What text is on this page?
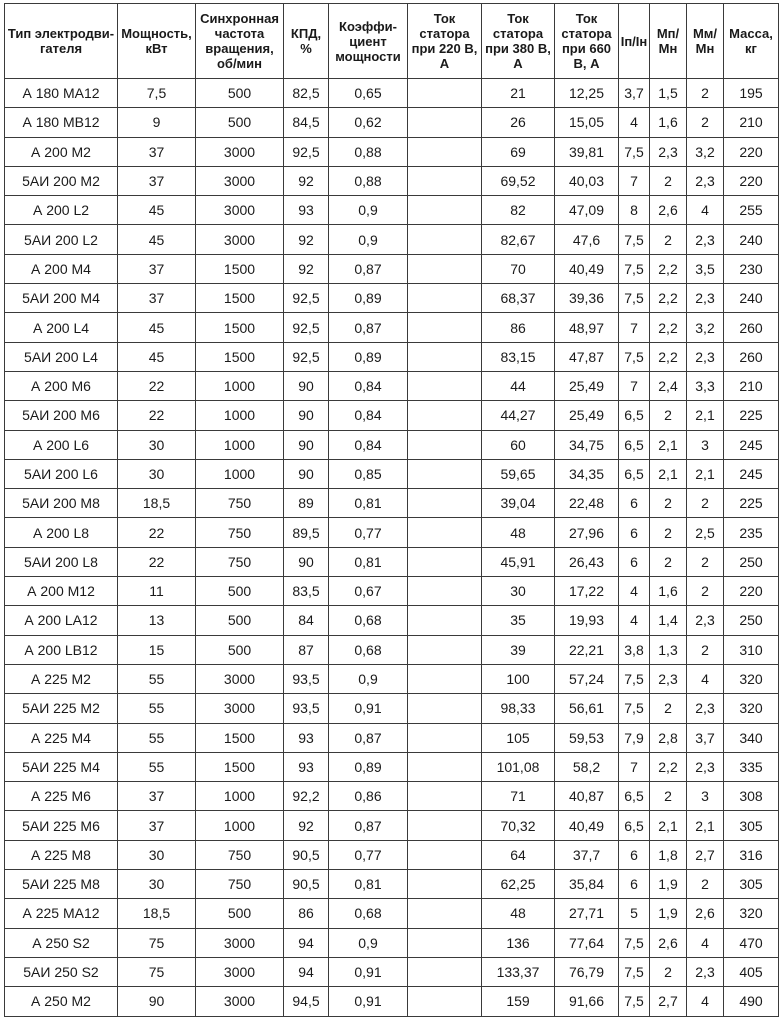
Тип электродви-гателя	Мощность, кВт	Синхронная частота вращения, об/мин	КПД, %	Коэффи-циент мощности	Ток статора при 220 В, А	Ток статора при 380 В, А	Ток статора при 660 В, А	Iп/Iн	Мп/Мн	Мм/Мн	Масса, кг
А 180 МА12	7,5	500	82,5	0,65		21	12,25	3,7	1,5	2	195
А 180 МВ12	9	500	84,5	0,62		26	15,05	4	1,6	2	210
А 200 М2	37	3000	92,5	0,88		69	39,81	7,5	2,3	3,2	220
5АИ 200 М2	37	3000	92	0,88		69,52	40,03	7	2	2,3	220
А 200 L2	45	3000	93	0,9		82	47,09	8	2,6	4	255
5АИ 200 L2	45	3000	92	0,9		82,67	47,6	7,5	2	2,3	240
А 200 М4	37	1500	92	0,87		70	40,49	7,5	2,2	3,5	230
5АИ 200 М4	37	1500	92,5	0,89		68,37	39,36	7,5	2,2	2,3	240
А 200 L4	45	1500	92,5	0,87		86	48,97	7	2,2	3,2	260
5АИ 200 L4	45	1500	92,5	0,89		83,15	47,87	7,5	2,2	2,3	260
А 200 М6	22	1000	90	0,84		44	25,49	7	2,4	3,3	210
5АИ 200 М6	22	1000	90	0,84		44,27	25,49	6,5	2	2,1	225
А 200 L6	30	1000	90	0,84		60	34,75	6,5	2,1	3	245
5АИ 200 L6	30	1000	90	0,85		59,65	34,35	6,5	2,1	2,1	245
5АИ 200 М8	18,5	750	89	0,81		39,04	22,48	6	2	2	225
А 200 L8	22	750	89,5	0,77		48	27,96	6	2	2,5	235
5АИ 200 L8	22	750	90	0,81		45,91	26,43	6	2	2	250
А 200 М12	11	500	83,5	0,67		30	17,22	4	1,6	2	220
А 200 LA12	13	500	84	0,68		35	19,93	4	1,4	2,3	250
А 200 LB12	15	500	87	0,68		39	22,21	3,8	1,3	2	310
А 225 М2	55	3000	93,5	0,9		100	57,24	7,5	2,3	4	320
5АИ 225 М2	55	3000	93,5	0,91		98,33	56,61	7,5	2	2,3	320
А 225 М4	55	1500	93	0,87		105	59,53	7,9	2,8	3,7	340
5АИ 225 М4	55	1500	93	0,89		101,08	58,2	7	2,2	2,3	335
А 225 М6	37	1000	92,2	0,86		71	40,87	6,5	2	3	308
5АИ 225 М6	37	1000	92	0,87		70,32	40,49	6,5	2,1	2,1	305
А 225 М8	30	750	90,5	0,77		64	37,7	6	1,8	2,7	316
5АИ 225 М8	30	750	90,5	0,81		62,25	35,84	6	1,9	2	305
А 225 МА12	18,5	500	86	0,68		48	27,71	5	1,9	2,6	320
А 250 S2	75	3000	94	0,9		136	77,64	7,5	2,6	4	470
5АИ 250 S2	75	3000	94	0,91		133,37	76,79	7,5	2	2,3	405
А 250 М2	90	3000	94,5	0,91		159	91,66	7,5	2,7	4	490
